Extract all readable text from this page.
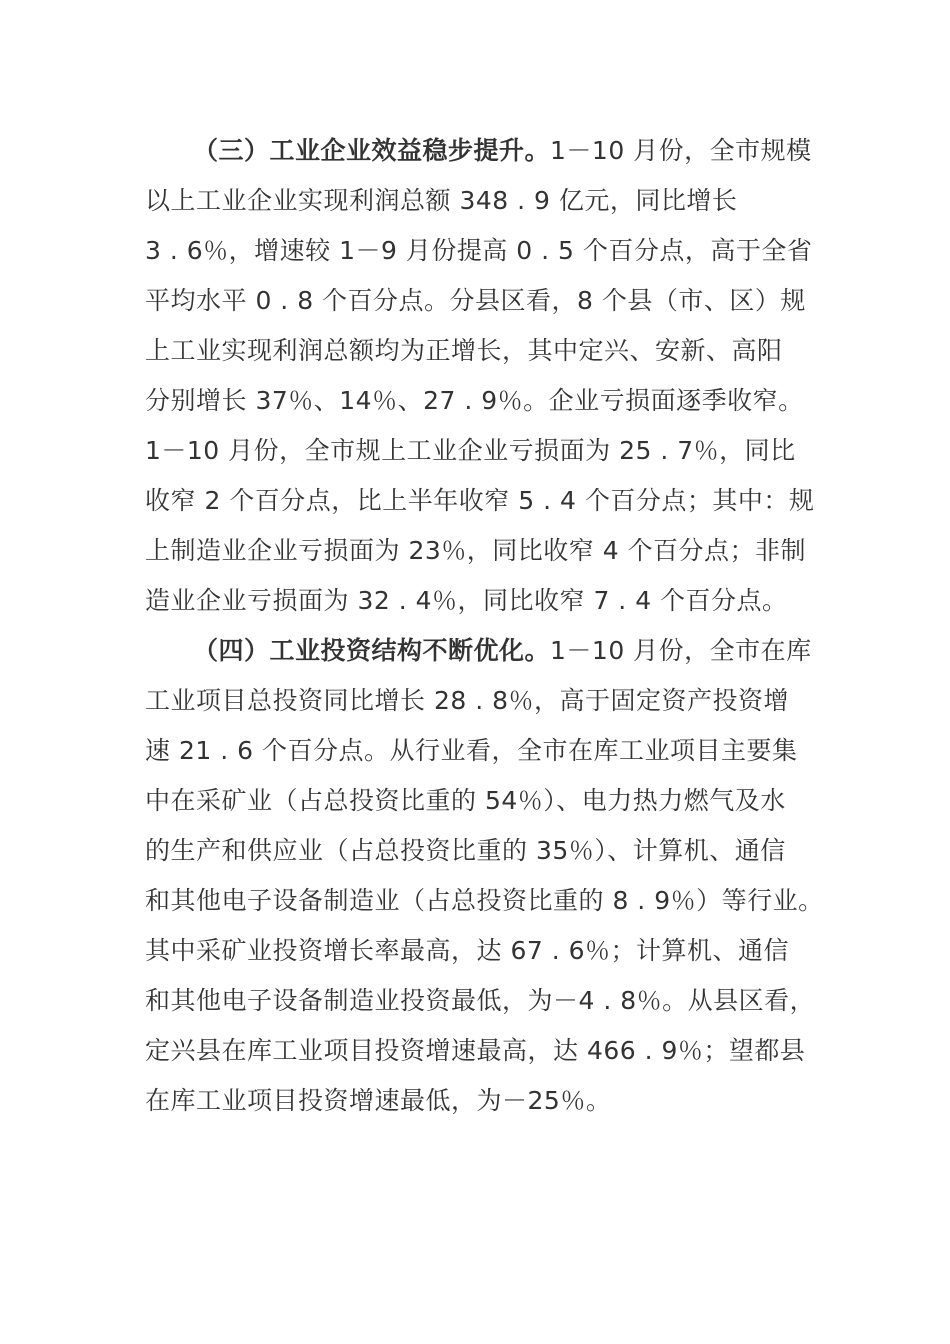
（三）工业企业效益稳步提升。1－10 月份，全市规模
以上工业企业实现利润总额 348 . 9 亿元，同比增长
3 . 6％，增速较 1－9 月份提高 0 . 5 个百分点，高于全省
平均水平 0 . 8 个百分点。分县区看，8 个县（市、区）规
上工业实现利润总额均为正增长，其中定兴、安新、高阳
分别增长 37％、14％、27 . 9％。企业亏损面逐季收窄。
1－10 月份，全市规上工业企业亏损面为 25 . 7％，同比
收窄 2 个百分点，比上半年收窄 5 . 4 个百分点；其中：规
上制造业企业亏损面为 23％，同比收窄 4 个百分点；非制
造业企业亏损面为 32 . 4％，同比收窄 7 . 4 个百分点。
（四）工业投资结构不断优化。1－10 月份，全市在库
工业项目总投资同比增长 28 . 8％，高于固定资产投资增
速 21 . 6 个百分点。从行业看，全市在库工业项目主要集
中在采矿业（占总投资比重的 54％）、电力热力燃气及水
的生产和供应业（占总投资比重的 35％）、计算机、通信
和其他电子设备制造业（占总投资比重的 8 . 9％）等行业。
其中采矿业投资增长率最高，达 67 . 6％；计算机、通信
和其他电子设备制造业投资最低，为－4 . 8％。从县区看，
定兴县在库工业项目投资增速最高，达 466 . 9％；望都县
在库工业项目投资增速最低，为－25％。
